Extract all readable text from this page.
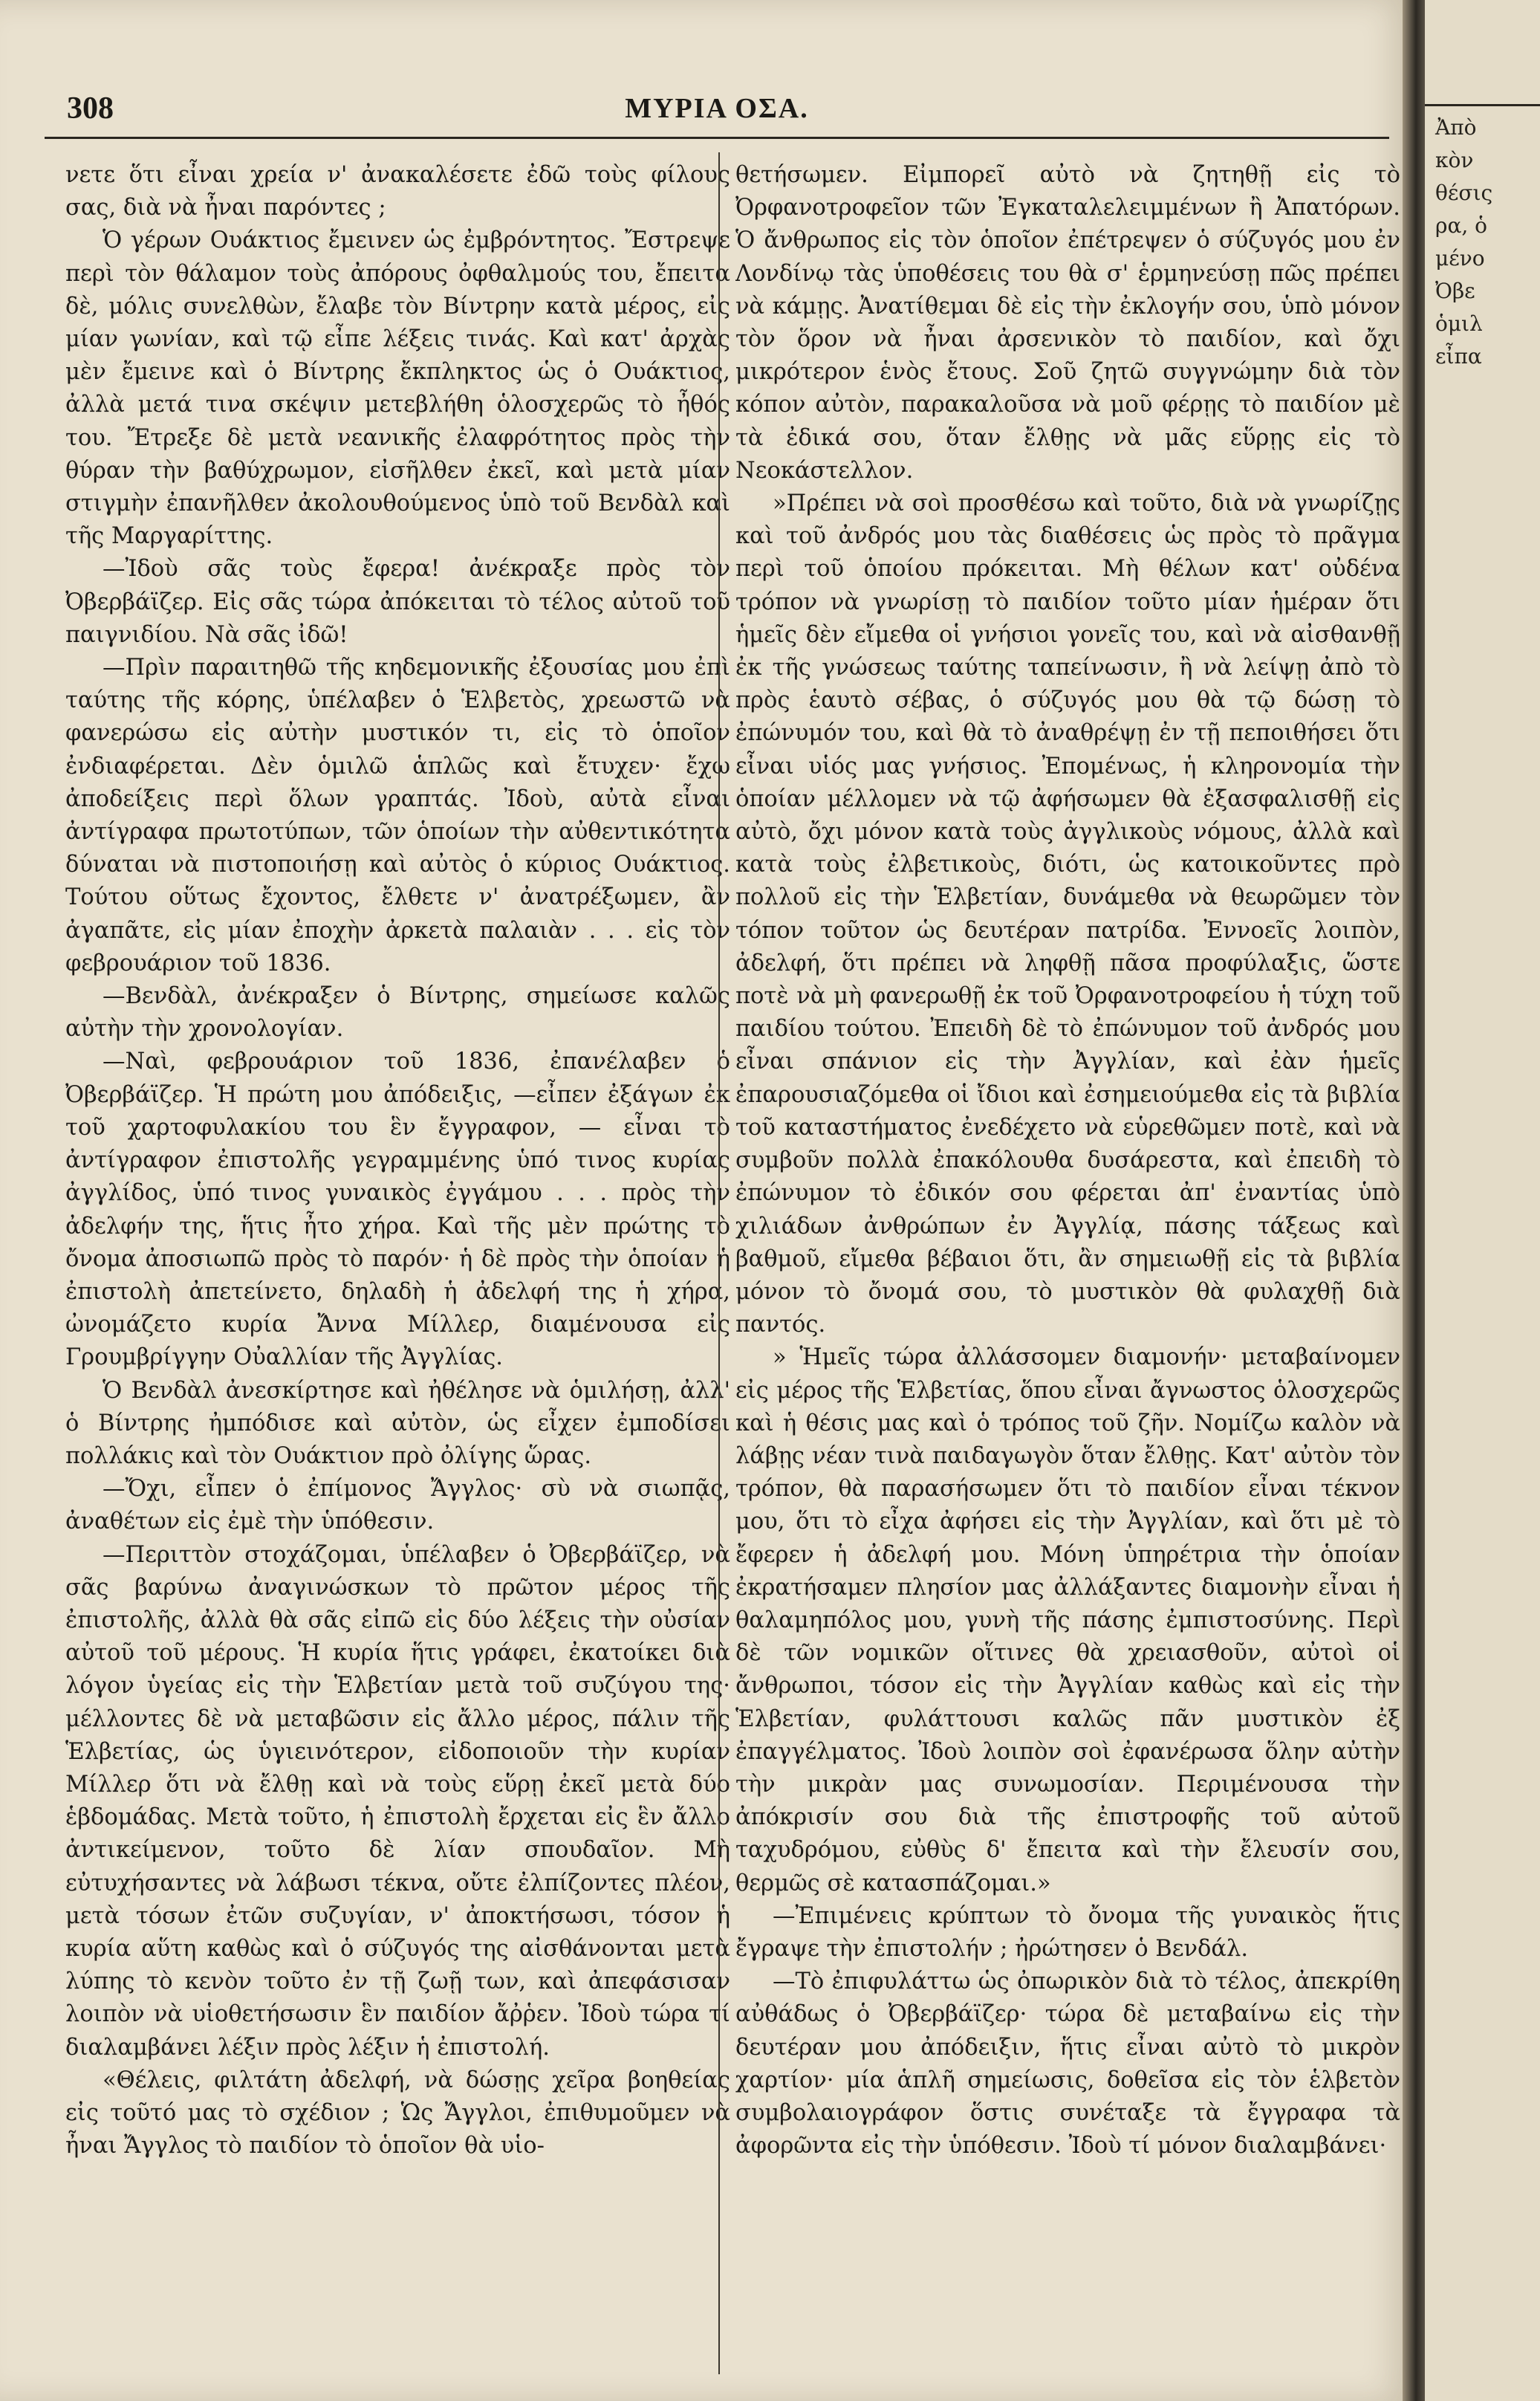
308	ΜΥΡΙΑ ΟΣΑ.

νετε ὅτι εἶναι χρεία ν' ἀνακαλέσετε ἐδῶ τοὺς φίλους σας, διὰ νὰ ἦναι παρόντες ;

Ὁ γέρων Ουάκτιος ἔμεινεν ὡς ἐμβρόντητος. Ἔστρεψε περὶ τὸν θάλαμον τοὺς ἀπόρους ὀφθαλμούς του, ἔπειτα δὲ, μόλις συνελθὼν, ἔλαβε τὸν Βίντρην κατὰ μέρος, εἰς μίαν γωνίαν, καὶ τῷ εἶπε λέξεις τινάς. Καὶ κατ' ἀρχὰς μὲν ἔμεινε καὶ ὁ Βίντρης ἔκπληκτος ὡς ὁ Ουάκτιος, ἀλλὰ μετά τινα σκέψιν μετεβλήθη ὁλοσχερῶς τὸ ἦθός του. Ἔτρεξε δὲ μετὰ νεανικῆς ἐλαφρότητος πρὸς τὴν θύραν τὴν βαθύχρωμον, εἰσῆλθεν ἐκεῖ, καὶ μετὰ μίαν στιγμὴν ἐπανῆλθεν ἀκολουθούμενος ὑπὸ τοῦ Βενδὰλ καὶ τῆς Μαργαρίττης.

—Ἰδοὺ σᾶς τοὺς ἔφερα! ἀνέκραξε πρὸς τὸν Ὀβερβάϊζερ. Εἰς σᾶς τώρα ἀπόκειται τὸ τέλος αὐτοῦ τοῦ παιγνιδίου. Νὰ σᾶς ἰδῶ!

—Πρὶν παραιτηθῶ τῆς κηδεμονικῆς ἐξουσίας μου ἐπὶ ταύτης τῆς κόρης, ὑπέλαβεν ὁ Ἑλβετὸς, χρεωστῶ νὰ φανερώσω εἰς αὐτὴν μυστικόν τι, εἰς τὸ ὁποῖον ἐνδιαφέρεται. Δὲν ὁμιλῶ ἁπλῶς καὶ ἔτυχεν· ἔχω ἀποδείξεις περὶ ὅλων γραπτάς. Ἰδοὺ, αὐτὰ εἶναι ἀντίγραφα πρωτοτύπων, τῶν ὁποίων τὴν αὐθεντικότητα δύναται νὰ πιστοποιήσῃ καὶ αὐτὸς ὁ κύριος Ουάκτιος. Τούτου οὕτως ἔχοντος, ἔλθετε ν' ἀνατρέξωμεν, ἂν ἀγαπᾶτε, εἰς μίαν ἐποχὴν ἀρκετὰ παλαιὰν . . . εἰς τὸν φεβρουάριον τοῦ 1836.

—Βενδὰλ, ἀνέκραξεν ὁ Βίντρης, σημείωσε καλῶς αὐτὴν τὴν χρονολογίαν.

—Ναὶ, φεβρουάριον τοῦ 1836, ἐπανέλαβεν ὁ Ὀβερβάϊζερ. Ἡ πρώτη μου ἀπόδειξις, —εἶπεν ἐξάγων ἐκ τοῦ χαρτοφυλακίου του ἓν ἔγγραφον, — εἶναι τὸ ἀντίγραφον ἐπιστολῆς γεγραμμένης ὑπό τινος κυρίας ἀγγλίδος, ὑπό τινος γυναικὸς ἐγγάμου . . . πρὸς τὴν ἀδελφήν της, ἥτις ἦτο χήρα. Καὶ τῆς μὲν πρώτης τὸ ὄνομα ἀποσιωπῶ πρὸς τὸ παρόν· ἡ δὲ πρὸς τὴν ὁποίαν ἡ ἐπιστολὴ ἀπετείνετο, δηλαδὴ ἡ ἀδελφή της ἡ χήρα, ὠνομάζετο κυρία Ἄννα Μίλλερ, διαμένουσα εἰς Γρουμβρίγγην Οὐαλλίαν τῆς Ἀγγλίας.

Ὁ Βενδὰλ ἀνεσκίρτησε καὶ ἠθέλησε νὰ ὁμιλήσῃ, ἀλλ' ὁ Βίντρης ἠμπόδισε καὶ αὐτὸν, ὡς εἶχεν ἐμποδίσει πολλάκις καὶ τὸν Ουάκτιον πρὸ ὀλίγης ὥρας.

—Ὄχι, εἶπεν ὁ ἐπίμονος Ἄγγλος· σὺ νὰ σιωπᾷς, ἀναθέτων εἰς ἐμὲ τὴν ὑπόθεσιν.

—Περιττὸν στοχάζομαι, ὑπέλαβεν ὁ Ὀβερβάϊζερ, νὰ σᾶς βαρύνω ἀναγινώσκων τὸ πρῶτον μέρος τῆς ἐπιστολῆς, ἀλλὰ θὰ σᾶς εἰπῶ εἰς δύο λέξεις τὴν οὐσίαν αὐτοῦ τοῦ μέρους. Ἡ κυρία ἥτις γράφει, ἐκατοίκει διὰ λόγον ὑγείας εἰς τὴν Ἑλβετίαν μετὰ τοῦ συζύγου της· μέλλοντες δὲ νὰ μεταβῶσιν εἰς ἄλλο μέρος, πάλιν τῆς Ἑλβετίας, ὡς ὑγιεινότερον, εἰδοποιοῦν τὴν κυρίαν Μίλλερ ὅτι νὰ ἔλθῃ καὶ νὰ τοὺς εὕρῃ ἐκεῖ μετὰ δύο ἑβδομάδας. Μετὰ τοῦτο, ἡ ἐπιστολὴ ἔρχεται εἰς ἓν ἄλλο ἀντικείμενον, τοῦτο δὲ λίαν σπουδαῖον. Μὴ εὐτυχήσαντες νὰ λάβωσι τέκνα, οὔτε ἐλπίζοντες πλέον, μετὰ τόσων ἐτῶν συζυγίαν, ν' ἀποκτήσωσι, τόσον ἡ κυρία αὕτη καθὼς καὶ ὁ σύζυγός της αἰσθάνονται μετὰ λύπης τὸ κενὸν τοῦτο ἐν τῇ ζωῇ των, καὶ ἀπεφάσισαν λοιπὸν νὰ υἱοθετήσωσιν ἓν παιδίον ἄῤῥεν. Ἰδοὺ τώρα τί διαλαμβάνει λέξιν πρὸς λέξιν ἡ ἐπιστολή.

«Θέλεις, φιλτάτη ἀδελφή, νὰ δώσῃς χεῖρα βοηθείας εἰς τοῦτό μας τὸ σχέδιον ; Ὡς Ἄγγλοι, ἐπιθυμοῦμεν νὰ ἦναι Ἄγγλος τὸ παιδίον τὸ ὁποῖον θὰ υἱο-

θετήσωμεν. Εἰμπορεῖ αὐτὸ νὰ ζητηθῇ εἰς τὸ Ὀρφανοτροφεῖον τῶν Ἐγκαταλελειμμένων ἢ Ἀπατόρων. Ὁ ἄνθρωπος εἰς τὸν ὁποῖον ἐπέτρεψεν ὁ σύζυγός μου ἐν Λονδίνῳ τὰς ὑποθέσεις του θὰ σ' ἑρμηνεύσῃ πῶς πρέπει νὰ κάμῃς. Ἀνατίθεμαι δὲ εἰς τὴν ἐκλογήν σου, ὑπὸ μόνον τὸν ὅρον νὰ ἦναι ἀρσενικὸν τὸ παιδίον, καὶ ὄχι μικρότερον ἑνὸς ἔτους. Σοῦ ζητῶ συγγνώμην διὰ τὸν κόπον αὐτὸν, παρακαλοῦσα νὰ μοῦ φέρῃς τὸ παιδίον μὲ τὰ ἐδικά σου, ὅταν ἔλθῃς νὰ μᾶς εὕρῃς εἰς τὸ Νεοκάστελλον.

»Πρέπει νὰ σοὶ προσθέσω καὶ τοῦτο, διὰ νὰ γνωρίζῃς καὶ τοῦ ἀνδρός μου τὰς διαθέσεις ὡς πρὸς τὸ πρᾶγμα περὶ τοῦ ὁποίου πρόκειται. Μὴ θέλων κατ' οὐδένα τρόπον νὰ γνωρίσῃ τὸ παιδίον τοῦτο μίαν ἡμέραν ὅτι ἡμεῖς δὲν εἴμεθα οἱ γνήσιοι γονεῖς του, καὶ νὰ αἰσθανθῇ ἐκ τῆς γνώσεως ταύτης ταπείνωσιν, ἢ νὰ λείψῃ ἀπὸ τὸ πρὸς ἑαυτὸ σέβας, ὁ σύζυγός μου θὰ τῷ δώσῃ τὸ ἐπώνυμόν του, καὶ θὰ τὸ ἀναθρέψῃ ἐν τῇ πεποιθήσει ὅτι εἶναι υἱός μας γνήσιος. Ἐπομένως, ἡ κληρονομία τὴν ὁποίαν μέλλομεν νὰ τῷ ἀφήσωμεν θὰ ἐξασφαλισθῇ εἰς αὐτὸ, ὄχι μόνον κατὰ τοὺς ἀγγλικοὺς νόμους, ἀλλὰ καὶ κατὰ τοὺς ἐλβετικοὺς, διότι, ὡς κατοικοῦντες πρὸ πολλοῦ εἰς τὴν Ἑλβετίαν, δυνάμεθα νὰ θεωρῶμεν τὸν τόπον τοῦτον ὡς δευτέραν πατρίδα. Ἐννοεῖς λοιπὸν, ἀδελφή, ὅτι πρέπει νὰ ληφθῇ πᾶσα προφύλαξις, ὥστε ποτὲ νὰ μὴ φανερωθῇ ἐκ τοῦ Ὀρφανοτροφείου ἡ τύχη τοῦ παιδίου τούτου. Ἐπειδὴ δὲ τὸ ἐπώνυμον τοῦ ἀνδρός μου εἶναι σπάνιον εἰς τὴν Ἀγγλίαν, καὶ ἐὰν ἡμεῖς ἐπαρουσιαζόμεθα οἱ ἴδιοι καὶ ἐσημειούμεθα εἰς τὰ βιβλία τοῦ καταστήματος ἐνεδέχετο νὰ εὑρεθῶμεν ποτὲ, καὶ νὰ συμβοῦν πολλὰ ἐπακόλουθα δυσάρεστα, καὶ ἐπειδὴ τὸ ἐπώνυμον τὸ ἐδικόν σου φέρεται ἀπ' ἐναντίας ὑπὸ χιλιάδων ἀνθρώπων ἐν Ἀγγλίᾳ, πάσης τάξεως καὶ βαθμοῦ, εἴμεθα βέβαιοι ὅτι, ἂν σημειωθῇ εἰς τὰ βιβλία μόνον τὸ ὄνομά σου, τὸ μυστικὸν θὰ φυλαχθῇ διὰ παντός.

» Ἡμεῖς τώρα ἀλλάσσομεν διαμονήν· μεταβαίνομεν εἰς μέρος τῆς Ἑλβετίας, ὅπου εἶναι ἄγνωστος ὁλοσχερῶς καὶ ἡ θέσις μας καὶ ὁ τρόπος τοῦ ζῆν. Νομίζω καλὸν νὰ λάβῃς νέαν τινὰ παιδαγωγὸν ὅταν ἔλθῃς. Κατ' αὐτὸν τὸν τρόπον, θὰ παρασήσωμεν ὅτι τὸ παιδίον εἶναι τέκνον μου, ὅτι τὸ εἶχα ἀφήσει εἰς τὴν Ἀγγλίαν, καὶ ὅτι μὲ τὸ ἔφερεν ἡ ἀδελφή μου. Μόνη ὑπηρέτρια τὴν ὁποίαν ἐκρατήσαμεν πλησίον μας ἀλλάξαντες διαμονὴν εἶναι ἡ θαλαμηπόλος μου, γυνὴ τῆς πάσης ἐμπιστοσύνης. Περὶ δὲ τῶν νομικῶν οἵτινες θὰ χρειασθοῦν, αὐτοὶ οἱ ἄνθρωποι, τόσον εἰς τὴν Ἀγγλίαν καθὼς καὶ εἰς τὴν Ἑλβετίαν, φυλάττουσι καλῶς πᾶν μυστικὸν ἐξ ἐπαγγέλματος. Ἰδοὺ λοιπὸν σοὶ ἐφανέρωσα ὅλην αὐτὴν τὴν μικρὰν μας συνωμοσίαν. Περιμένουσα τὴν ἀπόκρισίν σου διὰ τῆς ἐπιστροφῆς τοῦ αὐτοῦ ταχυδρόμου, εὐθὺς δ' ἔπειτα καὶ τὴν ἔλευσίν σου, θερμῶς σὲ κατασπάζομαι.»

—Ἐπιμένεις κρύπτων τὸ ὄνομα τῆς γυναικὸς ἥτις ἔγραψε τὴν ἐπιστολήν ; ἠρώτησεν ὁ Βενδάλ.

—Τὸ ἐπιφυλάττω ὡς ὀπωρικὸν διὰ τὸ τέλος, ἀπεκρίθη αὐθάδως ὁ Ὀβερβάϊζερ· τώρα δὲ μεταβαίνω εἰς τὴν δευτέραν μου ἀπόδειξιν, ἥτις εἶναι αὐτὸ τὸ μικρὸν χαρτίον· μία ἁπλῆ σημείωσις, δοθεῖσα εἰς τὸν ἑλβετὸν συμβολαιογράφον ὅστις συνέταξε τὰ ἔγγραφα τὰ ἀφορῶντα εἰς τὴν ὑπόθεσιν. Ἰδοὺ τί μόνον διαλαμβάνει·

Ἀπὸ
κὸν
θέσις
ρα, ὁ
μένο
Ὀβε
ὁμιλ
εἶπα
